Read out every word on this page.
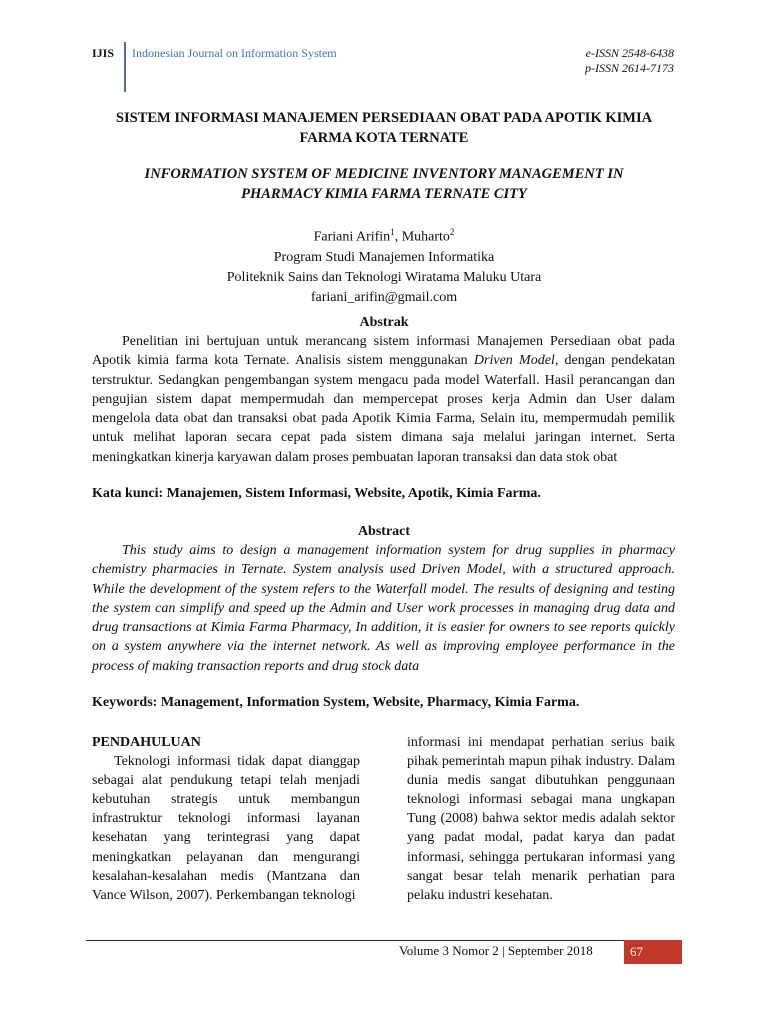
IJIS Indonesian Journal on Information System	e-ISSN 2548-6438
p-ISSN 2614-7173
SISTEM INFORMASI MANAJEMEN PERSEDIAAN OBAT PADA APOTIK KIMIA
FARMA KOTA TERNATE
INFORMATION SYSTEM OF MEDICINE INVENTORY MANAGEMENT IN
PHARMACY KIMIA FARMA TERNATE CITY
Fariani Arifin$^1$, Muharto$^2$
Program Studi Manajemen Informatika
Politeknik Sains dan Teknologi Wiratama Maluku Utara
fariani_arifin@gmail.com
Abstrak

Penelitian ini bertujuan untuk merancang sistem informasi Manajemen Persediaan obat pada Apotik kimia farma kota Ternate. Analisis sistem menggunakan Driven Model, dengan pendekatan terstruktur. Sedangkan pengembangan system mengacu pada model Waterfall. Hasil perancangan dan pengujian sistem dapat mempermudah dan mempercepat proses kerja Admin dan User dalam mengelola data obat dan transaksi obat pada Apotik Kimia Farma, Selain itu, mempermudah pemilik untuk melihat laporan secara cepat pada sistem dimana saja melalui jaringan internet. Serta meningkatkan kinerja karyawan dalam proses pembuatan laporan transaksi dan data stok obat

Kata kunci: Manajemen, Sistem Informasi, Website, Apotik, Kimia Farma.
Abstract

This study aims to design a management information system for drug supplies in pharmacy chemistry pharmacies in Ternate. System analysis used Driven Model, with a structured approach. While the development of the system refers to the Waterfall model. The results of designing and testing the system can simplify and speed up the Admin and User work processes in managing drug data and drug transactions at Kimia Farma Pharmacy, In addition, it is easier for owners to see reports quickly on a system anywhere via the internet network. As well as improving employee performance in the process of making transaction reports and drug stock data

Keywords: Management, Information System, Website, Pharmacy, Kimia Farma.

PENDAHULUAN

Teknologi informasi tidak dapat dianggap sebagai alat pendukung tetapi telah menjadi kebutuhan strategis untuk membangun infrastruktur teknologi informasi layanan kesehatan yang terintegrasi yang dapat meningkatkan pelayanan dan mengurangi kesalahan-kesalahan medis (Mantzana dan Vance Wilson, 2007). Perkembangan teknologi

informasi ini mendapat perhatian serius baik pihak pemerintah mapun pihak industry. Dalam dunia medis sangat dibutuhkan penggunaan teknologi informasi sebagai mana ungkapan Tung (2008) bahwa sektor medis adalah sektor yang padat modal, padat karya dan padat informasi, sehingga pertukaran informasi yang sangat besar telah menarik perhatian para pelaku industri kesehatan.

Volume 3 Nomor 2 | September 2018	67
